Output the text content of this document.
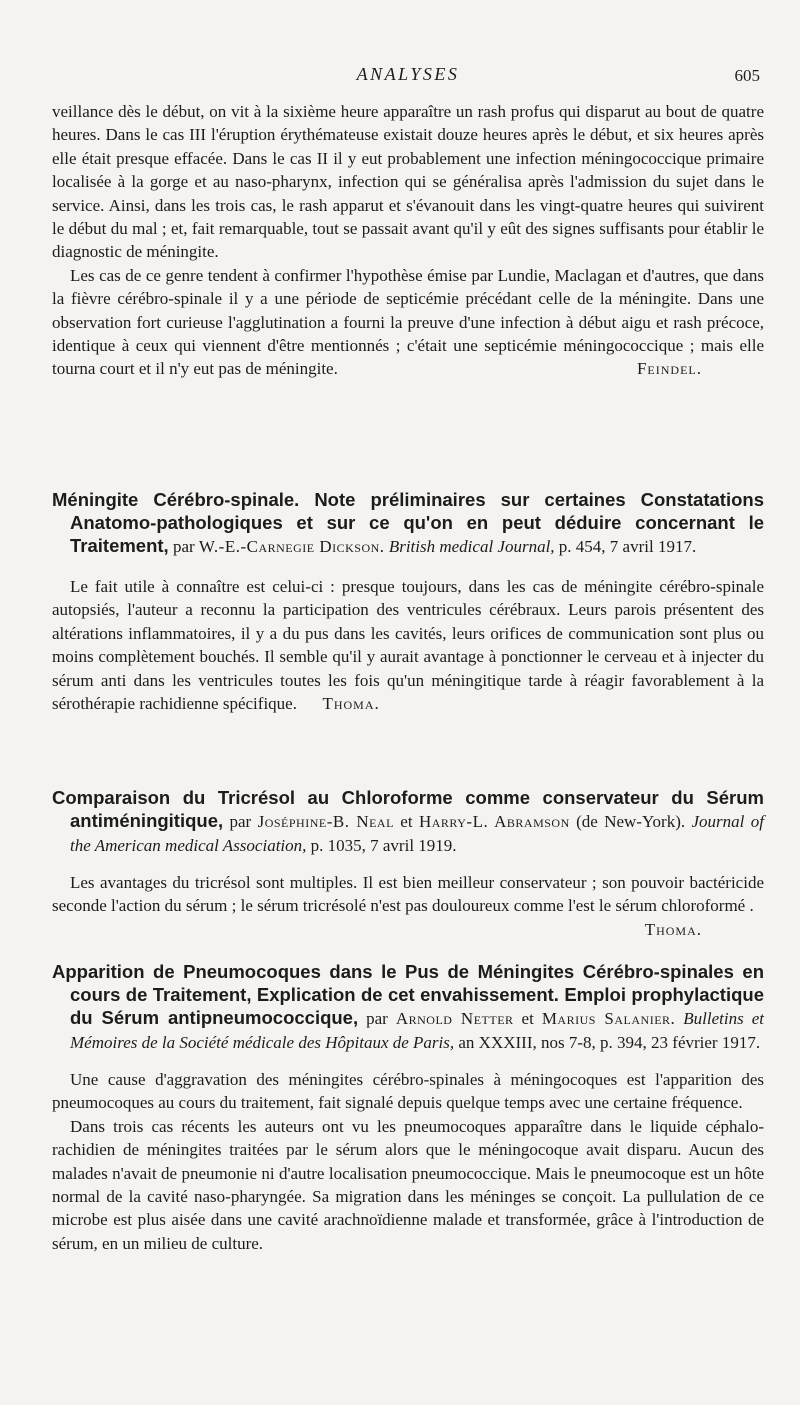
ANALYSES	605

veillance dès le début, on vit à la sixième heure apparaître un rash profus qui disparut au bout de quatre heures. Dans le cas III l'éruption érythémateuse existait douze heures après le début, et six heures après elle était presque effacée. Dans le cas II il y eut probablement une infection méningococcique primaire localisée à la gorge et au naso-pharynx, infection qui se généralisa après l'admission du sujet dans le service. Ainsi, dans les trois cas, le rash apparut et s'évanouit dans les vingt-quatre heures qui suivirent le début du mal ; et, fait remarquable, tout se passait avant qu'il y eût des signes suffisants pour établir le diagnostic de méningite.

Les cas de ce genre tendent à confirmer l'hypothèse émise par Lundie, Maclagan et d'autres, que dans la fièvre cérébro-spinale il y a une période de septicémie précédant celle de la méningite. Dans une observation fort curieuse l'agglutination a fourni la preuve d'une infection à début aigu et rash précoce, identique à ceux qui viennent d'être mentionnés ; c'était une septicémie méningococcique ; mais elle tourna court et il n'y eut pas de méningite.	Feindel.

Méningite Cérébro-spinale. Note préliminaires sur certaines Constatations Anatomo-pathologiques et sur ce qu'on en peut déduire concernant le Traitement, par W.-E.-Carnegie Dickson. British medical Journal, p. 454, 7 avril 1917.

Le fait utile à connaître est celui-ci : presque toujours, dans les cas de méningite cérébro-spinale autopsiés, l'auteur a reconnu la participation des ventricules cérébraux. Leurs parois présentent des altérations inflammatoires, il y a du pus dans les cavités, leurs orifices de communication sont plus ou moins complètement bouchés. Il semble qu'il y aurait avantage à ponctionner le cerveau et à injecter du sérum anti dans les ventricules toutes les fois qu'un méningitique tarde à réagir favorablement à la sérothérapie rachidienne spécifique. Thoma.

Comparaison du Tricrésol au Chloroforme comme conservateur du Sérum antiméningitique, par Joséphine-B. Neal et Harry-L. Abramson (de New-York). Journal of the American medical Association, p. 1035, 7 avril 1919.

Les avantages du tricrésol sont multiples. Il est bien meilleur conservateur ; son pouvoir bactéricide seconde l'action du sérum ; le sérum tricrésolé n'est pas douloureux comme l'est le sérum chloroformé .
Thoma.

Apparition de Pneumocoques dans le Pus de Méningites Cérébro-spinales en cours de Traitement, Explication de cet envahissement. Emploi prophylactique du Sérum antipneumococcique, par Arnold Netter et Marius Salanier. Bulletins et Mémoires de la Société médicale des Hôpitaux de Paris, an XXXIII, nos 7-8, p. 394, 23 février 1917.

Une cause d'aggravation des méningites cérébro-spinales à méningocoques est l'apparition des pneumocoques au cours du traitement, fait signalé depuis quelque temps avec une certaine fréquence.

Dans trois cas récents les auteurs ont vu les pneumocoques apparaître dans le liquide céphalo-rachidien de méningites traitées par le sérum alors que le méningocoque avait disparu. Aucun des malades n'avait de pneumonie ni d'autre localisation pneumococcique. Mais le pneumocoque est un hôte normal de la cavité naso-pharyngée. Sa migration dans les méninges se conçoit. La pullulation de ce microbe est plus aisée dans une cavité arachnoïdienne malade et transformée, grâce à l'introduction de sérum, en un milieu de culture.
